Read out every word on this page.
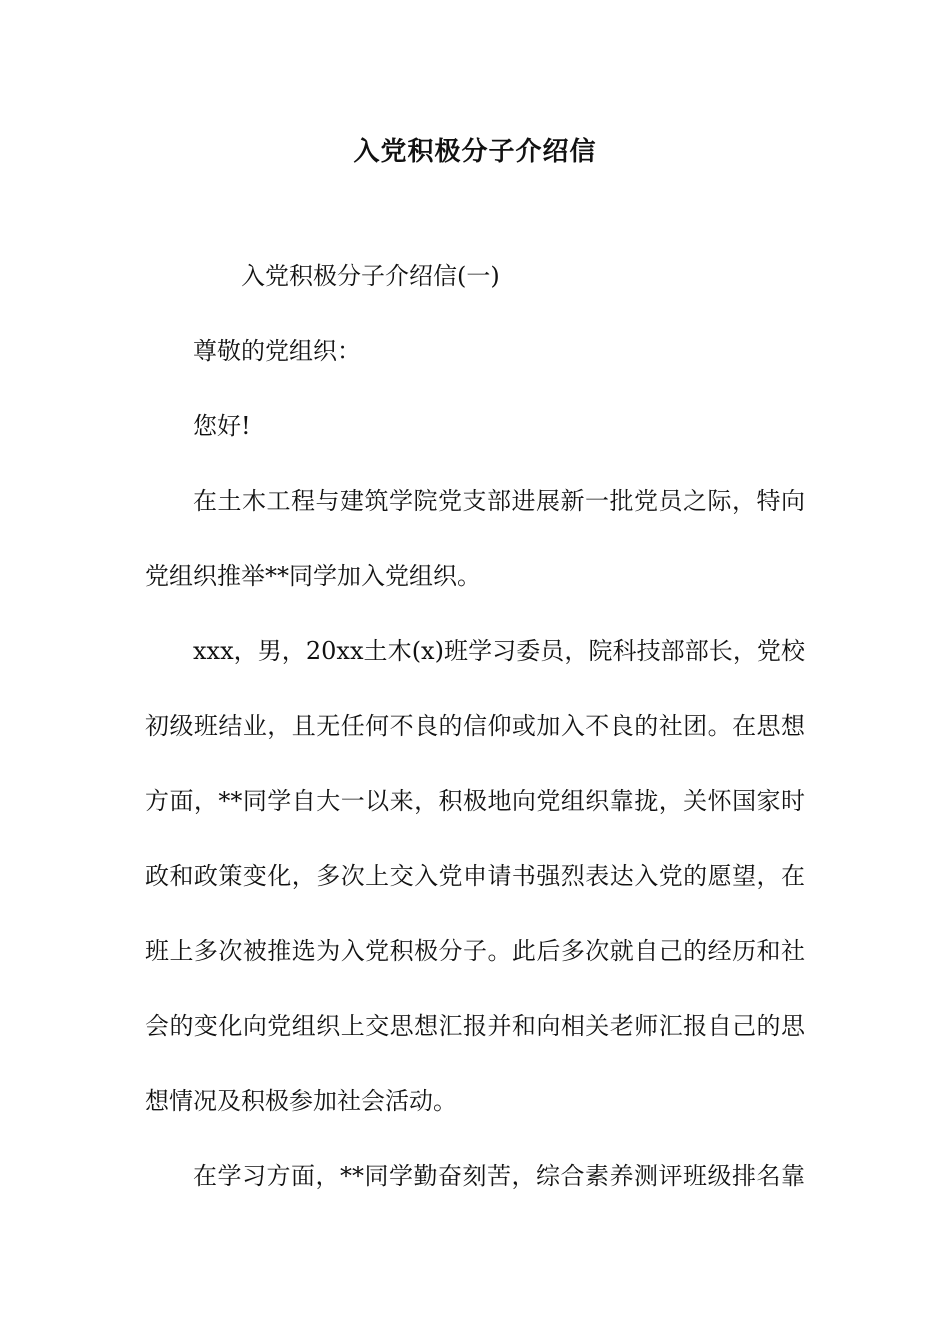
入党积极分子介绍信
入党积极分子介绍信(一)
尊敬的党组织：
您好!
在土木工程与建筑学院党支部进展新一批党员之际，特向
党组织推举**同学加入党组织。
xxx，男，20xx土木(x)班学习委员，院科技部部长，党校
初级班结业，且无任何不良的信仰或加入不良的社团。在思想
方面，**同学自大一以来，积极地向党组织靠拢，关怀国家时
政和政策变化，多次上交入党申请书强烈表达入党的愿望，在
班上多次被推选为入党积极分子。此后多次就自己的经历和社
会的变化向党组织上交思想汇报并和向相关老师汇报自己的思
想情况及积极参加社会活动。
在学习方面，**同学勤奋刻苦，综合素养测评班级排名靠
